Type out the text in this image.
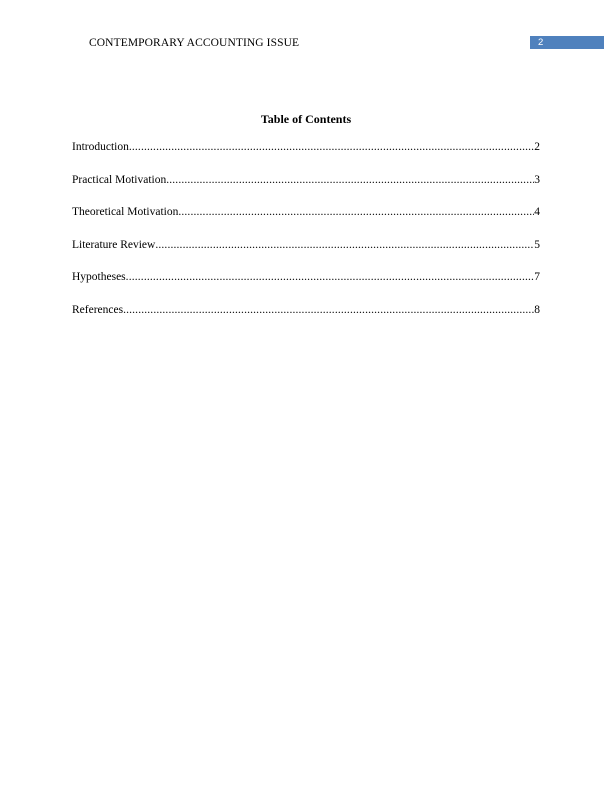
CONTEMPORARY ACCOUNTING ISSUE	2
Table of Contents
Introduction .....	2
Practical Motivation .....	3
Theoretical Motivation .....	4
Literature Review .....	5
Hypotheses .....	7
References .....	8
